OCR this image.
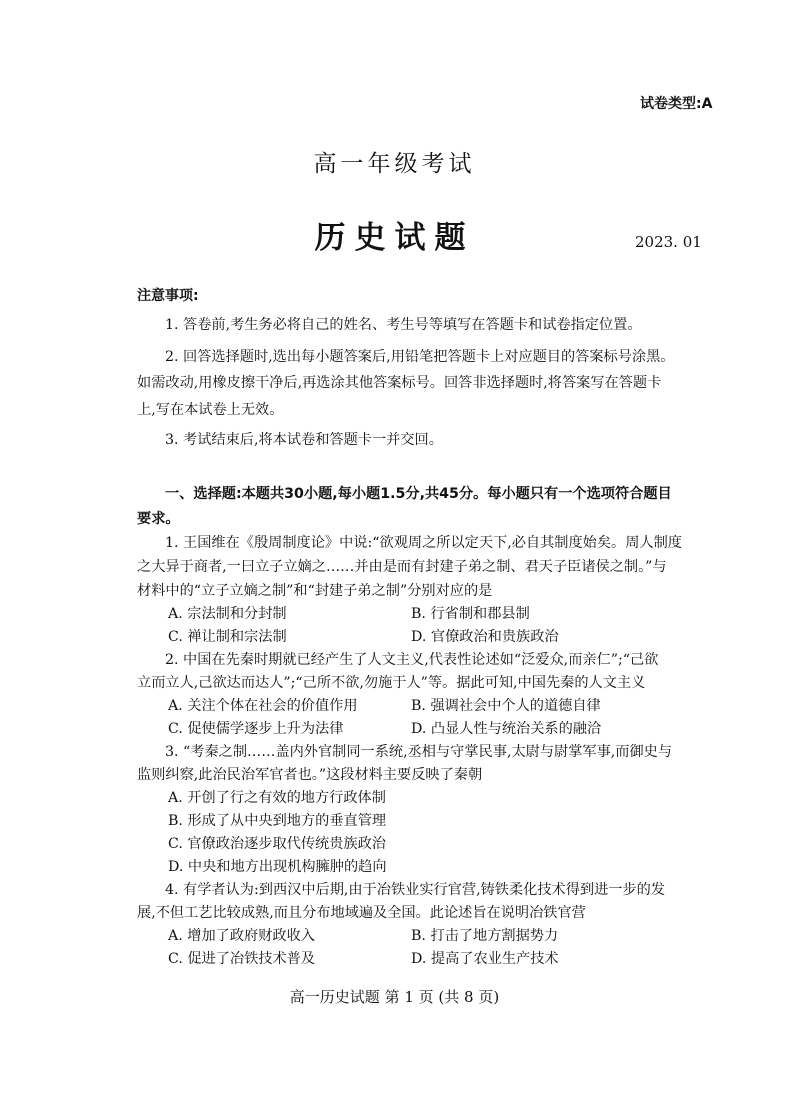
试卷类型:A
高一年级考试
历史试题	2023. 01
注意事项:
1. 答卷前,考生务必将自己的姓名、考生号等填写在答题卡和试卷指定位置。
2. 回答选择题时,选出每小题答案后,用铅笔把答题卡上对应题目的答案标号涂黑。
如需改动,用橡皮擦干净后,再选涂其他答案标号。回答非选择题时,将答案写在答题卡
上,写在本试卷上无效。
3. 考试结束后,将本试卷和答题卡一并交回。
一、选择题:本题共30小题,每小题1.5分,共45分。每小题只有一个选项符合题目
要求。
1. 王国维在《殷周制度论》中说:“欲观周之所以定天下,必自其制度始矣。周人制度
之大异于商者,一曰立子立嫡之……并由是而有封建子弟之制、君天子臣诸侯之制。”与
材料中的“立子立嫡之制”和“封建子弟之制”分别对应的是
A. 宗法制和分封制	B. 行省制和郡县制
C. 禅让制和宗法制	D. 官僚政治和贵族政治
2. 中国在先秦时期就已经产生了人文主义,代表性论述如“泛爱众,而亲仁”;“己欲
立而立人,己欲达而达人”;“己所不欲,勿施于人”等。据此可知,中国先秦的人文主义
A. 关注个体在社会的价值作用	B. 强调社会中个人的道德自律
C. 促使儒学逐步上升为法律	D. 凸显人性与统治关系的融洽
3. “考秦之制……盖内外官制同一系统,丞相与守掌民事,太尉与尉掌军事,而御史与
监则纠察,此治民治军官者也。”这段材料主要反映了秦朝
A. 开创了行之有效的地方行政体制
B. 形成了从中央到地方的垂直管理
C. 官僚政治逐步取代传统贵族政治
D. 中央和地方出现机构臃肿的趋向
4. 有学者认为:到西汉中后期,由于冶铁业实行官营,铸铁柔化技术得到进一步的发
展,不但工艺比较成熟,而且分布地域遍及全国。此论述旨在说明冶铁官营
A. 增加了政府财政收入	B. 打击了地方割据势力
C. 促进了冶铁技术普及	D. 提高了农业生产技术
高一历史试题 第 1 页 (共 8 页)
